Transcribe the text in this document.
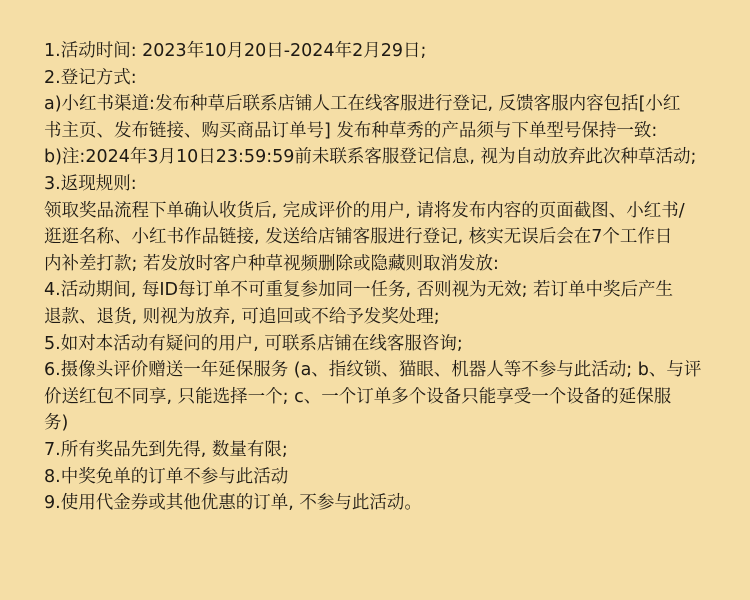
1.活动时间: 2023年10月20日-2024年2月29日;
2.登记方式:
a)小红书渠道:发布种草后联系店铺人工在线客服进行登记, 反馈客服内容包括[小红
书主页、发布链接、购买商品订单号] 发布种草秀的产品须与下单型号保持一致:
b)注:2024年3月10日23:59:59前未联系客服登记信息, 视为自动放弃此次种草活动;
3.返现规则:
领取奖品流程下单确认收货后, 完成评价的用户, 请将发布内容的页面截图、小红书/
逛逛名称、小红书作品链接, 发送给店铺客服进行登记, 核实无误后会在7个工作日
内补差打款; 若发放时客户种草视频删除或隐藏则取消发放:
4.活动期间, 每ID每订单不可重复参加同一任务, 否则视为无效; 若订单中奖后产生
退款、退货, 则视为放弃, 可追回或不给予发奖处理;
5.如对本活动有疑问的用户, 可联系店铺在线客服咨询;
6.摄像头评价赠送一年延保服务 (a、指纹锁、猫眼、机器人等不参与此活动; b、与评
价送红包不同享, 只能选择一个; c、一个订单多个设备只能享受一个设备的延保服
务)
7.所有奖品先到先得, 数量有限;
8.中奖免单的订单不参与此活动
9.使用代金券或其他优惠的订单, 不参与此活动。
